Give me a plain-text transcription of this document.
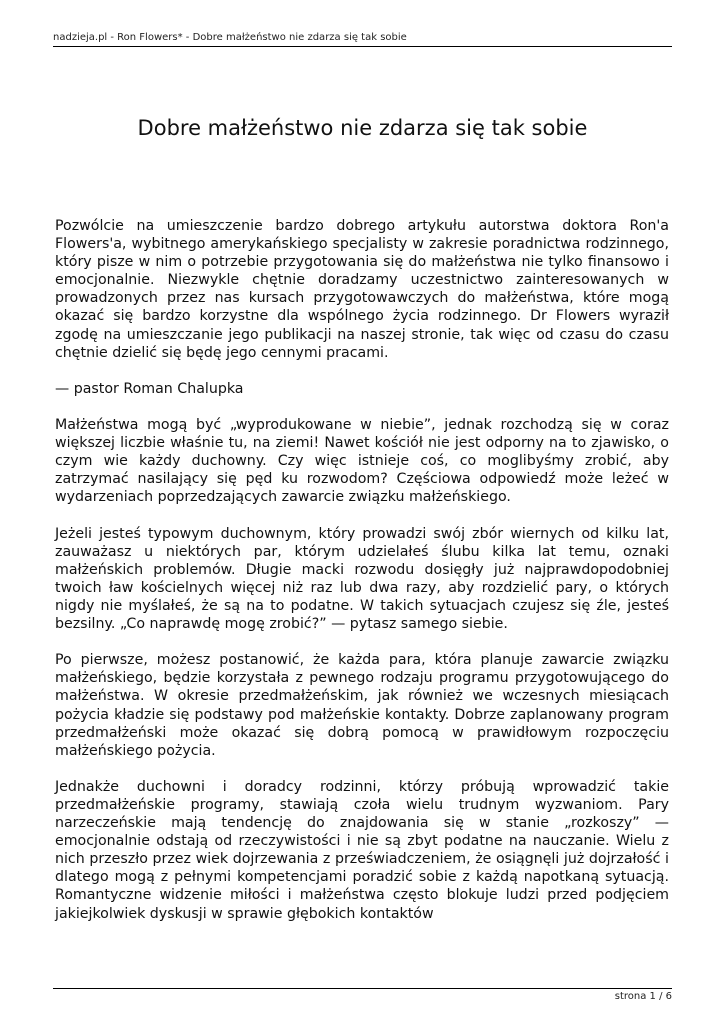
nadzieja.pl - Ron Flowers* - Dobre małżeństwo nie zdarza się tak sobie
Dobre małżeństwo nie zdarza się tak sobie

Pozwólcie na umieszczenie bardzo dobrego artykułu autorstwa doktora Ron'a Flowers'a, wybitnego amerykańskiego specjalisty w zakresie poradnictwa rodzinnego, który pisze w nim o potrzebie przygotowania się do małżeństwa nie tylko finansowo i emocjonalnie. Niezwykle chętnie doradzamy uczestnictwo zainteresowanych w prowadzonych przez nas kursach przygotowawczych do małżeństwa, które mogą okazać się bardzo korzystne dla wspólnego życia rodzinnego. Dr Flowers wyraził zgodę na umieszczanie jego publikacji na naszej stronie, tak więc od czasu do czasu chętnie dzielić się będę jego cennymi pracami.

— pastor Roman Chalupka

Małżeństwa mogą być „wyprodukowane w niebie”, jednak rozchodzą się w coraz większej liczbie właśnie tu, na ziemi! Nawet kościół nie jest odporny na to zjawisko, o czym wie każdy duchowny. Czy więc istnieje coś, co moglibyśmy zrobić, aby zatrzymać nasilający się pęd ku rozwodom? Częściowa odpowiedź może leżeć w wydarzeniach poprzedzających zawarcie związku małżeńskiego.

Jeżeli jesteś typowym duchownym, który prowadzi swój zbór wiernych od kilku lat, zauważasz u niektórych par, którym udzielałeś ślubu kilka lat temu, oznaki małżeńskich problemów. Długie macki rozwodu dosięgły już najprawdopodobniej twoich ław kościelnych więcej niż raz lub dwa razy, aby rozdzielić pary, o których nigdy nie myślałeś, że są na to podatne. W takich sytuacjach czujesz się źle, jesteś bezsilny. „Co naprawdę mogę zrobić?” — pytasz samego siebie.

Po pierwsze, możesz postanowić, że każda para, która planuje zawarcie związku małżeńskiego, będzie korzystała z pewnego rodzaju programu przygotowującego do małżeństwa. W okresie przedmałżeńskim, jak również we wczesnych miesiącach pożycia kładzie się podstawy pod małżeńskie kontakty. Dobrze zaplanowany program przedmałżeński może okazać się dobrą pomocą w prawidłowym rozpoczęciu małżeńskiego pożycia.

Jednakże duchowni i doradcy rodzinni, którzy próbują wprowadzić takie przedmałżeńskie programy, stawiają czoła wielu trudnym wyzwaniom. Pary narzeczeńskie mają tendencję do znajdowania się w stanie „rozkoszy” — emocjonalnie odstają od rzeczywistości i nie są zbyt podatne na nauczanie. Wielu z nich przeszło przez wiek dojrzewania z przeświadczeniem, że osiągnęli już dojrzałość i dlatego mogą z pełnymi kompetencjami poradzić sobie z każdą napotkaną sytuacją. Romantyczne widzenie miłości i małżeństwa często blokuje ludzi przed podjęciem jakiejkolwiek dyskusji w sprawie głębokich kontaktów

strona 1 / 6
